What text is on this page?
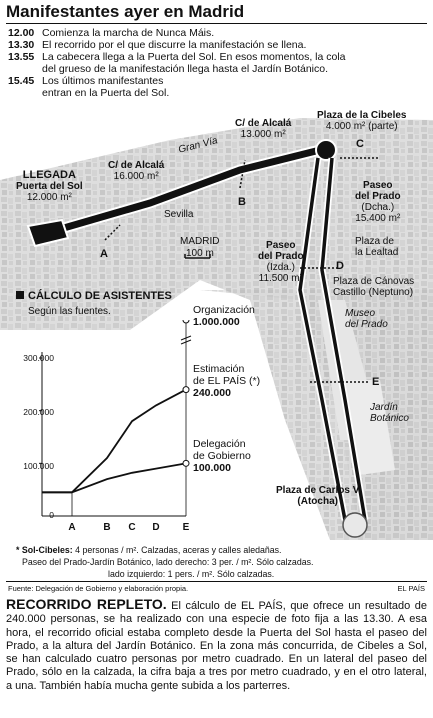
Manifestantes ayer en Madrid
12.00 Comienza la marcha de Nunca Máis.
13.30 El recorrido por el que discurre la manifestación se llena.
13.55 La cabecera llega a la Puerta del Sol. En esos momentos, la cola
del grueso de la manifestación llega hasta el Jardín Botánico.
15.45 Los últimos manifestantes
entran en la Puerta del Sol.
Gran Vía
LLEGADA
Puerta del Sol
12.000 m²
C/ de Alcalá
16.000 m²
C/ de Alcalá
13.000 m²
Plaza de la Cibeles
4.000 m² (parte)
Paseo
del Prado
(Dcha.)
15.400 m²
Paseo
del Prado
(Izda.)
11.500 m²
Sevilla
MADRID
100 m
Plaza de
la Lealtad
Plaza de Cánovas
Castillo (Neptuno)
Museo
del Prado
Jardín
Botánico
Plaza de Carlos V
(Atocha)
A
B
C
D
E
CÁLCULO DE ASISTENTES
Según las fuentes.
300.000
200.000
100.000
0
A	B	C	D	E
Organización
1.000.000
Estimación
de EL PAÍS (*)
240.000
Delegación
de Gobierno
100.000
* Sol-Cibeles: 4 personas / m². Calzadas, aceras y calles aledañas.
Paseo del Prado-Jardín Botánico, lado derecho: 3 per. / m². Sólo calzadas.
lado izquierdo: 1 pers. / m². Sólo calzadas.
Fuente: Delegación de Gobierno y elaboración propia.	EL PAÍS
RECORRIDO REPLETO. El cálculo de EL PAÍS, que ofrece un resultado de 240.000 personas, se ha realizado con una especie de foto fija a las 13.30. A esa hora, el recorrido oficial estaba completo desde la Puerta del Sol hasta el paseo del Prado, a la altura del Jardín Botánico. En la zona más concurrida, de Cibeles a Sol, se han calculado cuatro personas por metro cuadrado. En un lateral del paseo del Prado, sólo en la calzada, la cifra baja a tres por metro cuadrado, y en el otro lateral, a una. También había mucha gente subida a los parterres.
